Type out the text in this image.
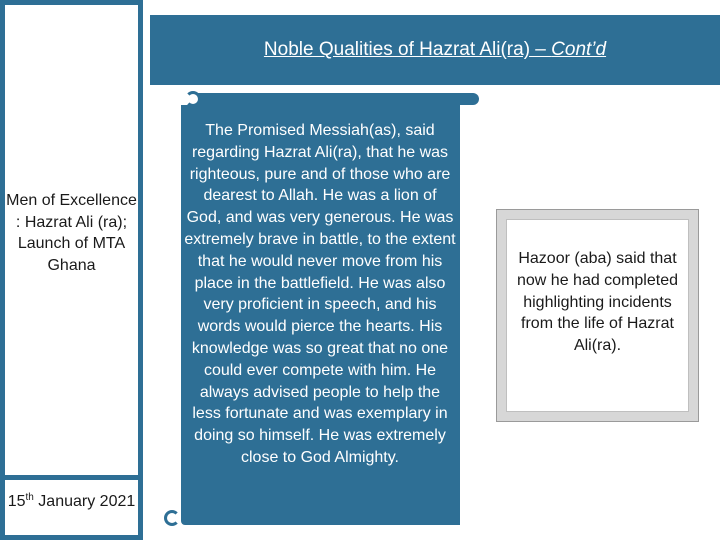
Men of Excellence : Hazrat Ali (ra); Launch of MTA Ghana
15th January 2021
Noble Qualities of Hazrat Ali(ra) – Cont’d
The Promised Messiah(as), said regarding Hazrat Ali(ra), that he was righteous, pure and of those who are dearest to Allah. He was a lion of God, and was very generous. He was extremely brave in battle, to the extent that he would never move from his place in the battlefield. He was also very proficient in speech, and his words would pierce the hearts. His knowledge was so great that no one could ever compete with him. He always advised people to help the less fortunate and was exemplary in doing so himself. He was extremely close to God Almighty.
Hazoor (aba) said that now he had completed highlighting incidents from the life of Hazrat Ali(ra).
